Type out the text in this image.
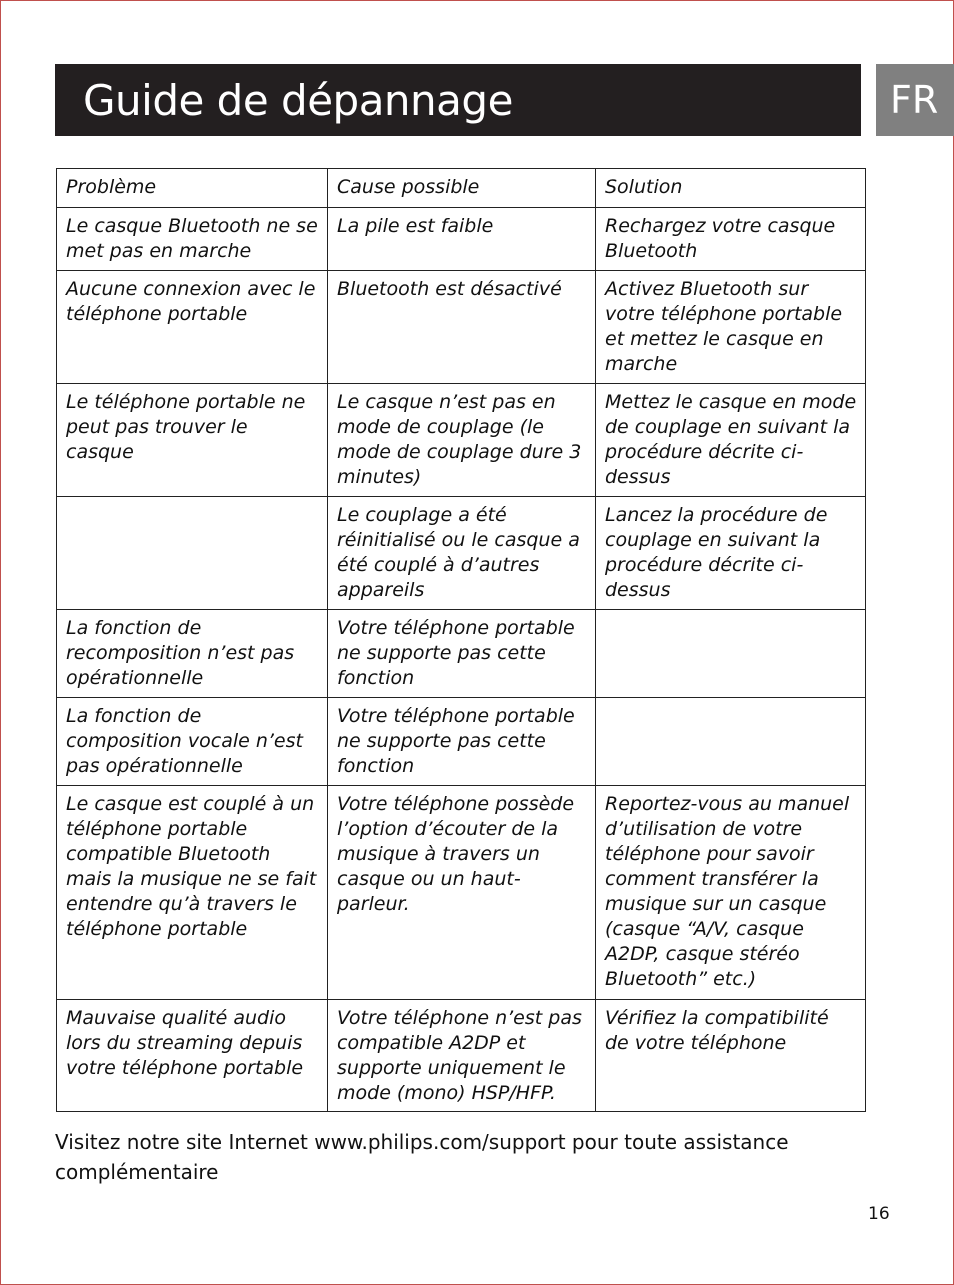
Guide de dépannage	FR
Problème	Cause possible	Solution
Le casque Bluetooth ne se met pas en marche	La pile est faible	Rechargez votre casque Bluetooth
Aucune connexion avec le téléphone portable	Bluetooth est désactivé	Activez Bluetooth sur votre téléphone portable et mettez le casque en marche
Le téléphone portable ne peut pas trouver le casque	Le casque n’est pas en mode de couplage (le mode de couplage dure 3 minutes)	Mettez le casque en mode de couplage en suivant la procédure décrite ci-dessus
	Le couplage a été réinitialisé ou le casque a été couplé à d’autres appareils	Lancez la procédure de couplage en suivant la procédure décrite ci-dessus
La fonction de recomposition n’est pas opérationnelle	Votre téléphone portable ne supporte pas cette fonction	
La fonction de composition vocale n’est pas opérationnelle	Votre téléphone portable ne supporte pas cette fonction	
Le casque est couplé à un téléphone portable compatible Bluetooth mais la musique ne se fait entendre qu’à travers le téléphone portable	Votre téléphone possède l’option d’écouter de la musique à travers un casque ou un haut-parleur.	Reportez-vous au manuel d’utilisation de votre téléphone pour savoir comment transférer la musique sur un casque (casque “A/V, casque A2DP, casque stéréo Bluetooth” etc.)
Mauvaise qualité audio lors du streaming depuis votre téléphone portable	Votre téléphone n’est pas compatible A2DP et supporte uniquement le mode (mono) HSP/HFP.	Vérifiez la compatibilité de votre téléphone
Visitez notre site Internet www.philips.com/support pour toute assistance complémentaire
16
